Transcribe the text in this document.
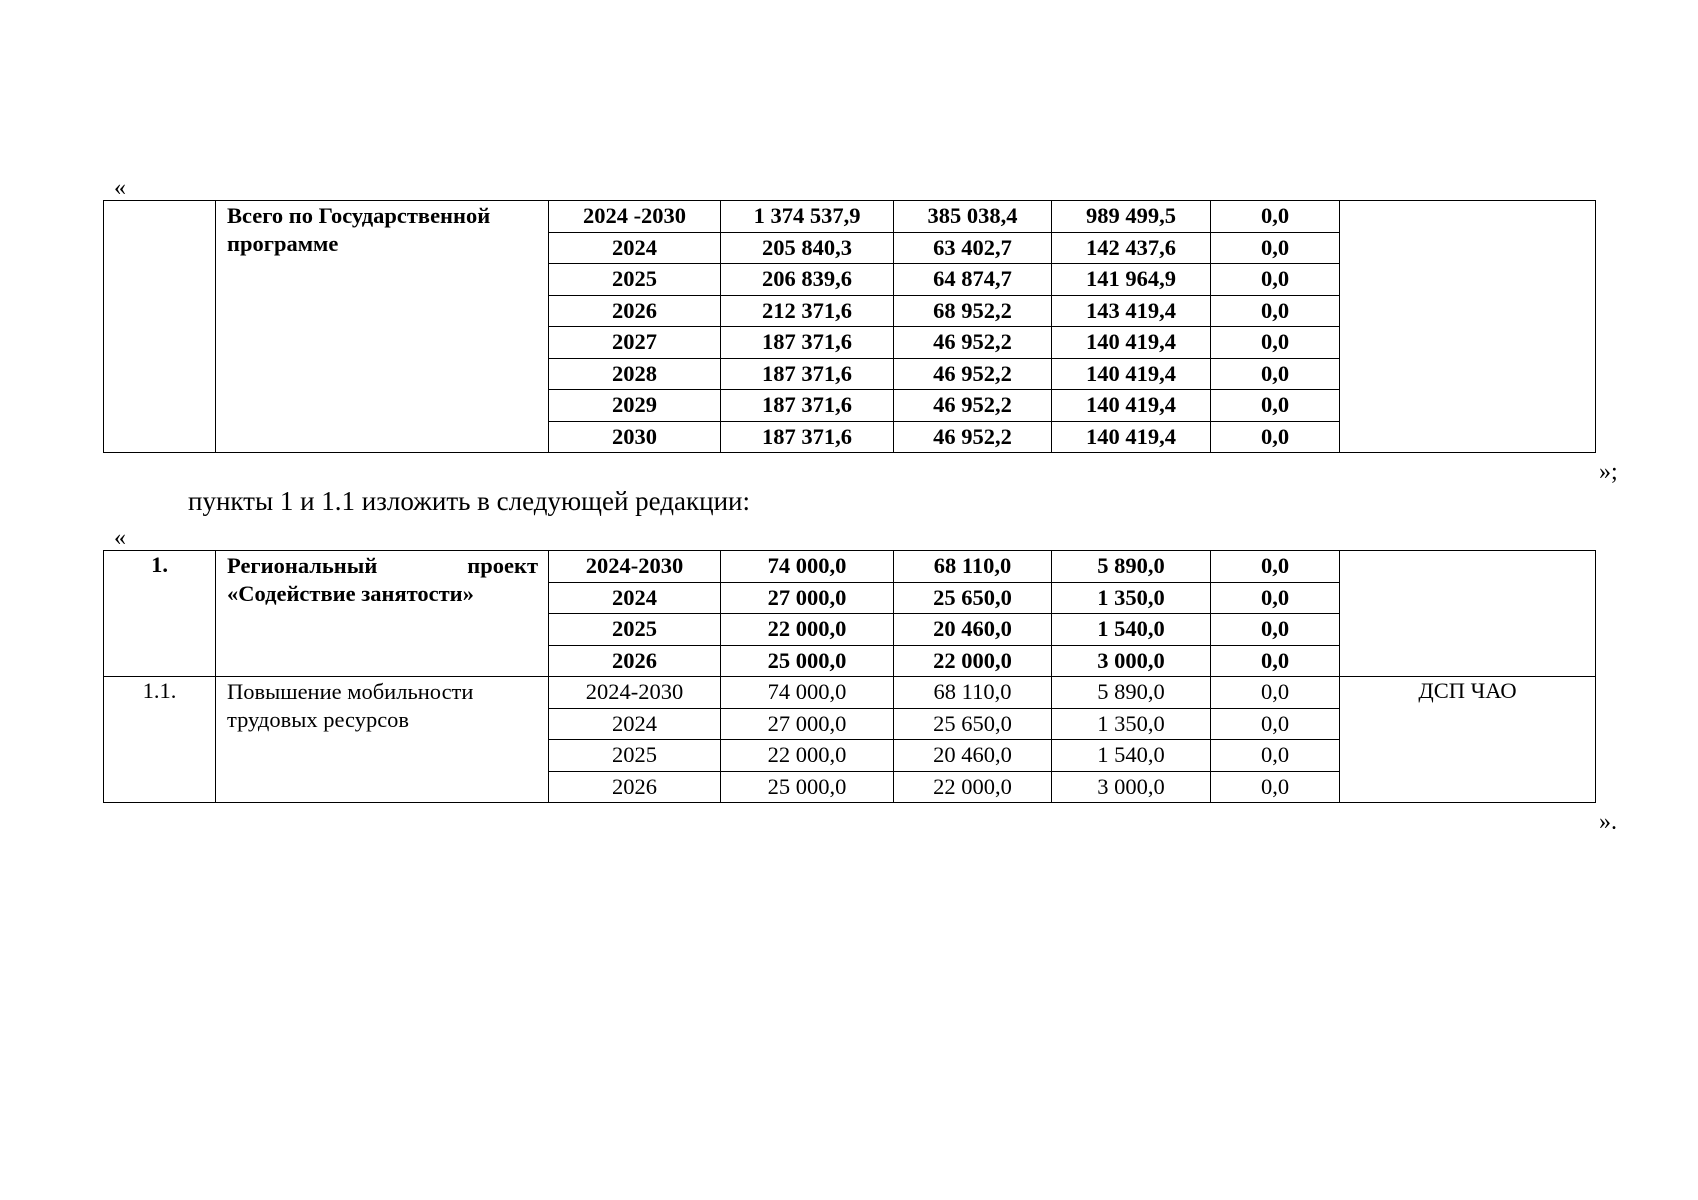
«
	Всего по Государственной программе	2024 -2030	1 374 537,9	385 038,4	989 499,5	0,0	
		2024	205 840,3	63 402,7	142 437,6	0,0	
		2025	206 839,6	64 874,7	141 964,9	0,0	
		2026	212 371,6	68 952,2	143 419,4	0,0	
		2027	187 371,6	46 952,2	140 419,4	0,0	
		2028	187 371,6	46 952,2	140 419,4	0,0	
		2029	187 371,6	46 952,2	140 419,4	0,0	
		2030	187 371,6	46 952,2	140 419,4	0,0	
»;
пункты 1 и 1.1 изложить в следующей редакции:
«
1.	Региональный проект «Содействие занятости»	2024-2030	74 000,0	68 110,0	5 890,0	0,0	
		2024	27 000,0	25 650,0	1 350,0	0,0	
		2025	22 000,0	20 460,0	1 540,0	0,0	
		2026	25 000,0	22 000,0	3 000,0	0,0	
1.1.	Повышение мобильности трудовых ресурсов	2024-2030	74 000,0	68 110,0	5 890,0	0,0	ДСП ЧАО
		2024	27 000,0	25 650,0	1 350,0	0,0	
		2025	22 000,0	20 460,0	1 540,0	0,0	
		2026	25 000,0	22 000,0	3 000,0	0,0	
».
